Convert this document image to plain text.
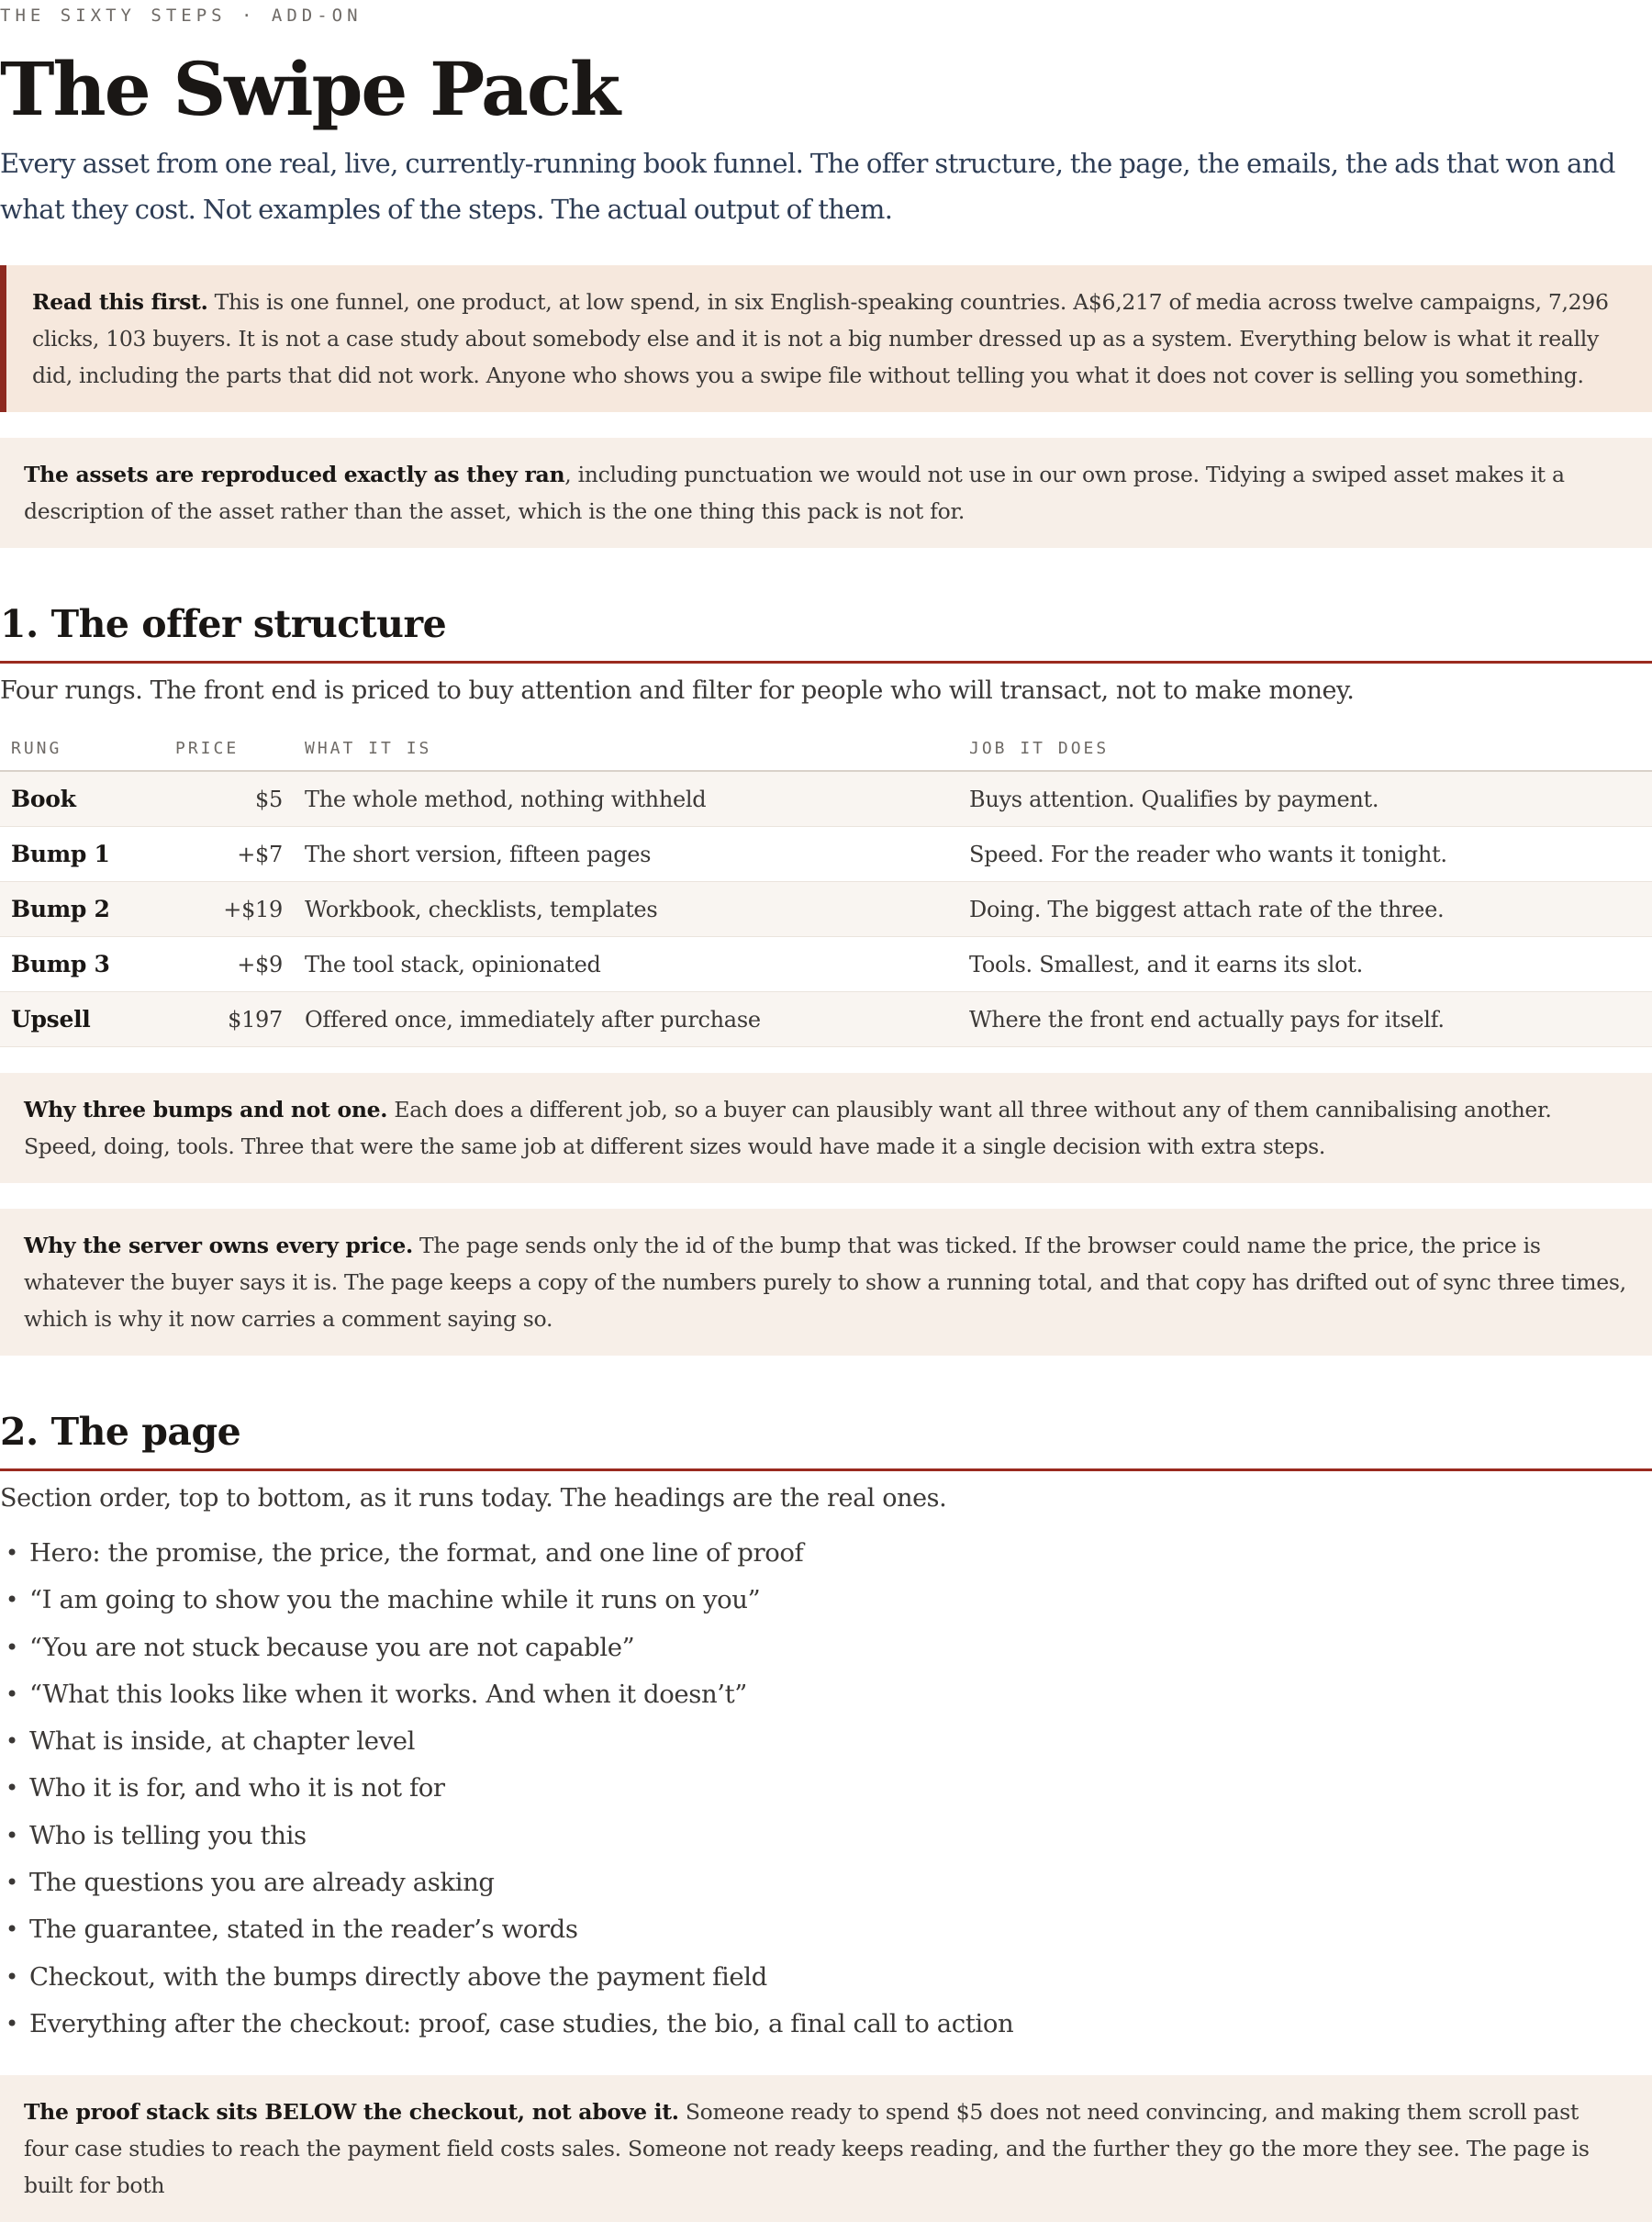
THE SIXTY STEPS · ADD-ON

The Swipe Pack

Every asset from one real, live, currently-running book funnel. The offer structure, the page, the emails, the ads that won and what they cost. Not examples of the steps. The actual output of them.

Read this first. This is one funnel, one product, at low spend, in six English-speaking countries. A$6,217 of media across twelve campaigns, 7,296 clicks, 103 buyers. It is not a case study about somebody else and it is not a big number dressed up as a system. Everything below is what it really did, including the parts that did not work. Anyone who shows you a swipe file without telling you what it does not cover is selling you something.
The assets are reproduced exactly as they ran, including punctuation we would not use in our own prose. Tidying a swiped asset makes it a description of the asset rather than the asset, which is the one thing this pack is not for.
1. The offer structure

Four rungs. The front end is priced to buy attention and filter for people who will transact, not to make money.

RUNG	PRICE	WHAT IT IS	JOB IT DOES
Book	$5	The whole method, nothing withheld	Buys attention. Qualifies by payment.
Bump 1	+$7	The short version, fifteen pages	Speed. For the reader who wants it tonight.
Bump 2	+$19	Workbook, checklists, templates	Doing. The biggest attach rate of the three.
Bump 3	+$9	The tool stack, opinionated	Tools. Smallest, and it earns its slot.
Upsell	$197	Offered once, immediately after purchase	Where the front end actually pays for itself.
Why three bumps and not one. Each does a different job, so a buyer can plausibly want all three without any of them cannibalising another. Speed, doing, tools. Three that were the same job at different sizes would have made it a single decision with extra steps.
Why the server owns every price. The page sends only the id of the bump that was ticked. If the browser could name the price, the price is whatever the buyer says it is. The page keeps a copy of the numbers purely to show a running total, and that copy has drifted out of sync three times, which is why it now carries a comment saying so.
2. The page

Section order, top to bottom, as it runs today. The headings are the real ones.

• Hero: the promise, the price, the format, and one line of proof
• “I am going to show you the machine while it runs on you”
• “You are not stuck because you are not capable”
• “What this looks like when it works. And when it doesn’t”
• What is inside, at chapter level
• Who it is for, and who it is not for
• Who is telling you this
• The questions you are already asking
• The guarantee, stated in the reader’s words
• Checkout, with the bumps directly above the payment field
• Everything after the checkout: proof, case studies, the bio, a final call to action
The proof stack sits BELOW the checkout, not above it. Someone ready to spend $5 does not need convincing, and making them scroll past four case studies to reach the payment field costs sales. Someone not ready keeps reading, and the further they go the more they see. The page is built for both
